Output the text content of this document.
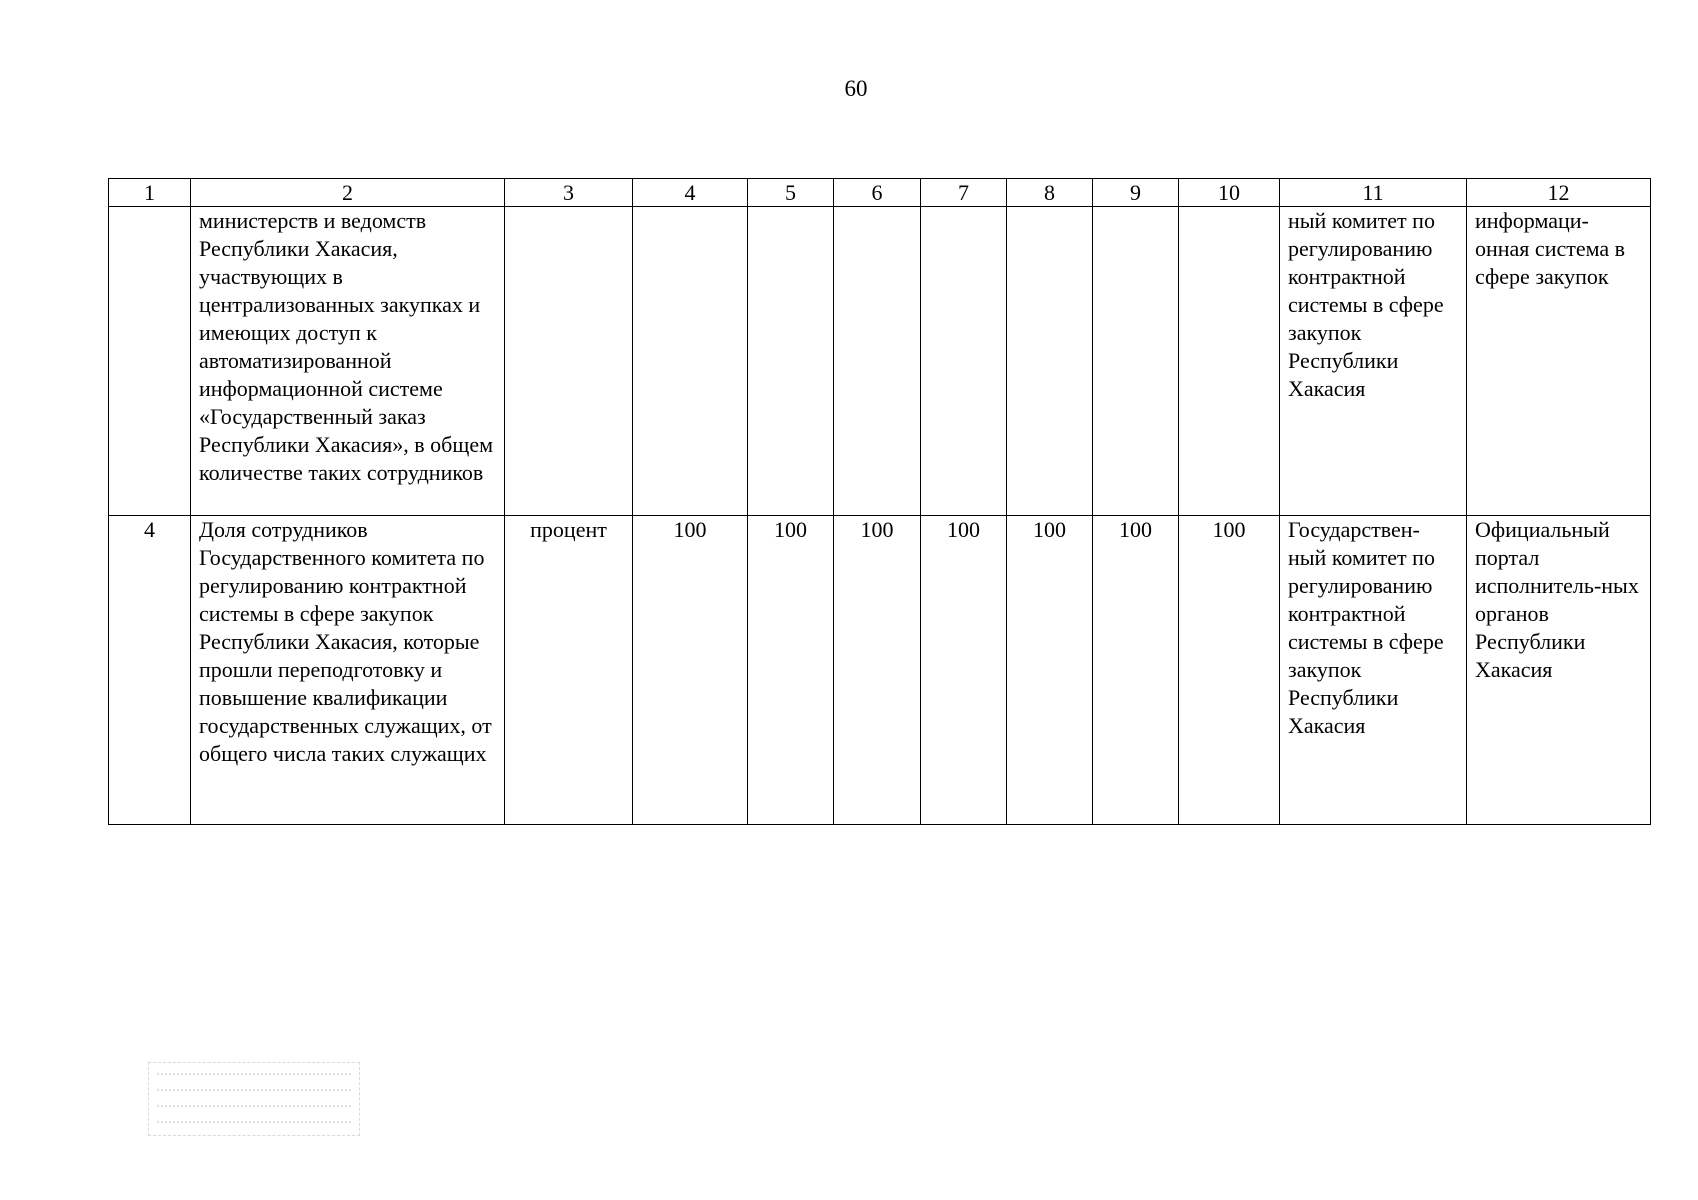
60
1	2	3	4	5	6	7	8	9	10	11	12
	министерств и ведомств Республики Хакасия, участвующих в централизованных закупках и имеющих доступ к автоматизированной информационной системе «Государственный заказ Республики Хакасия», в общем количестве таких сотрудников									ный комитет по регулированию контрактной системы в сфере закупок Республики Хакасия	информаци-онная система в сфере закупок
4	Доля сотрудников Государственного комитета по регулированию контрактной системы в сфере закупок Республики Хакасия, которые прошли переподготовку и повышение квалификации государственных служащих, от общего числа таких служащих	процент	100	100	100	100	100	100	100	Государствен-ный комитет по регулированию контрактной системы в сфере закупок Республики Хакасия	Официальный портал исполнитель-ных органов Республики Хакасия
